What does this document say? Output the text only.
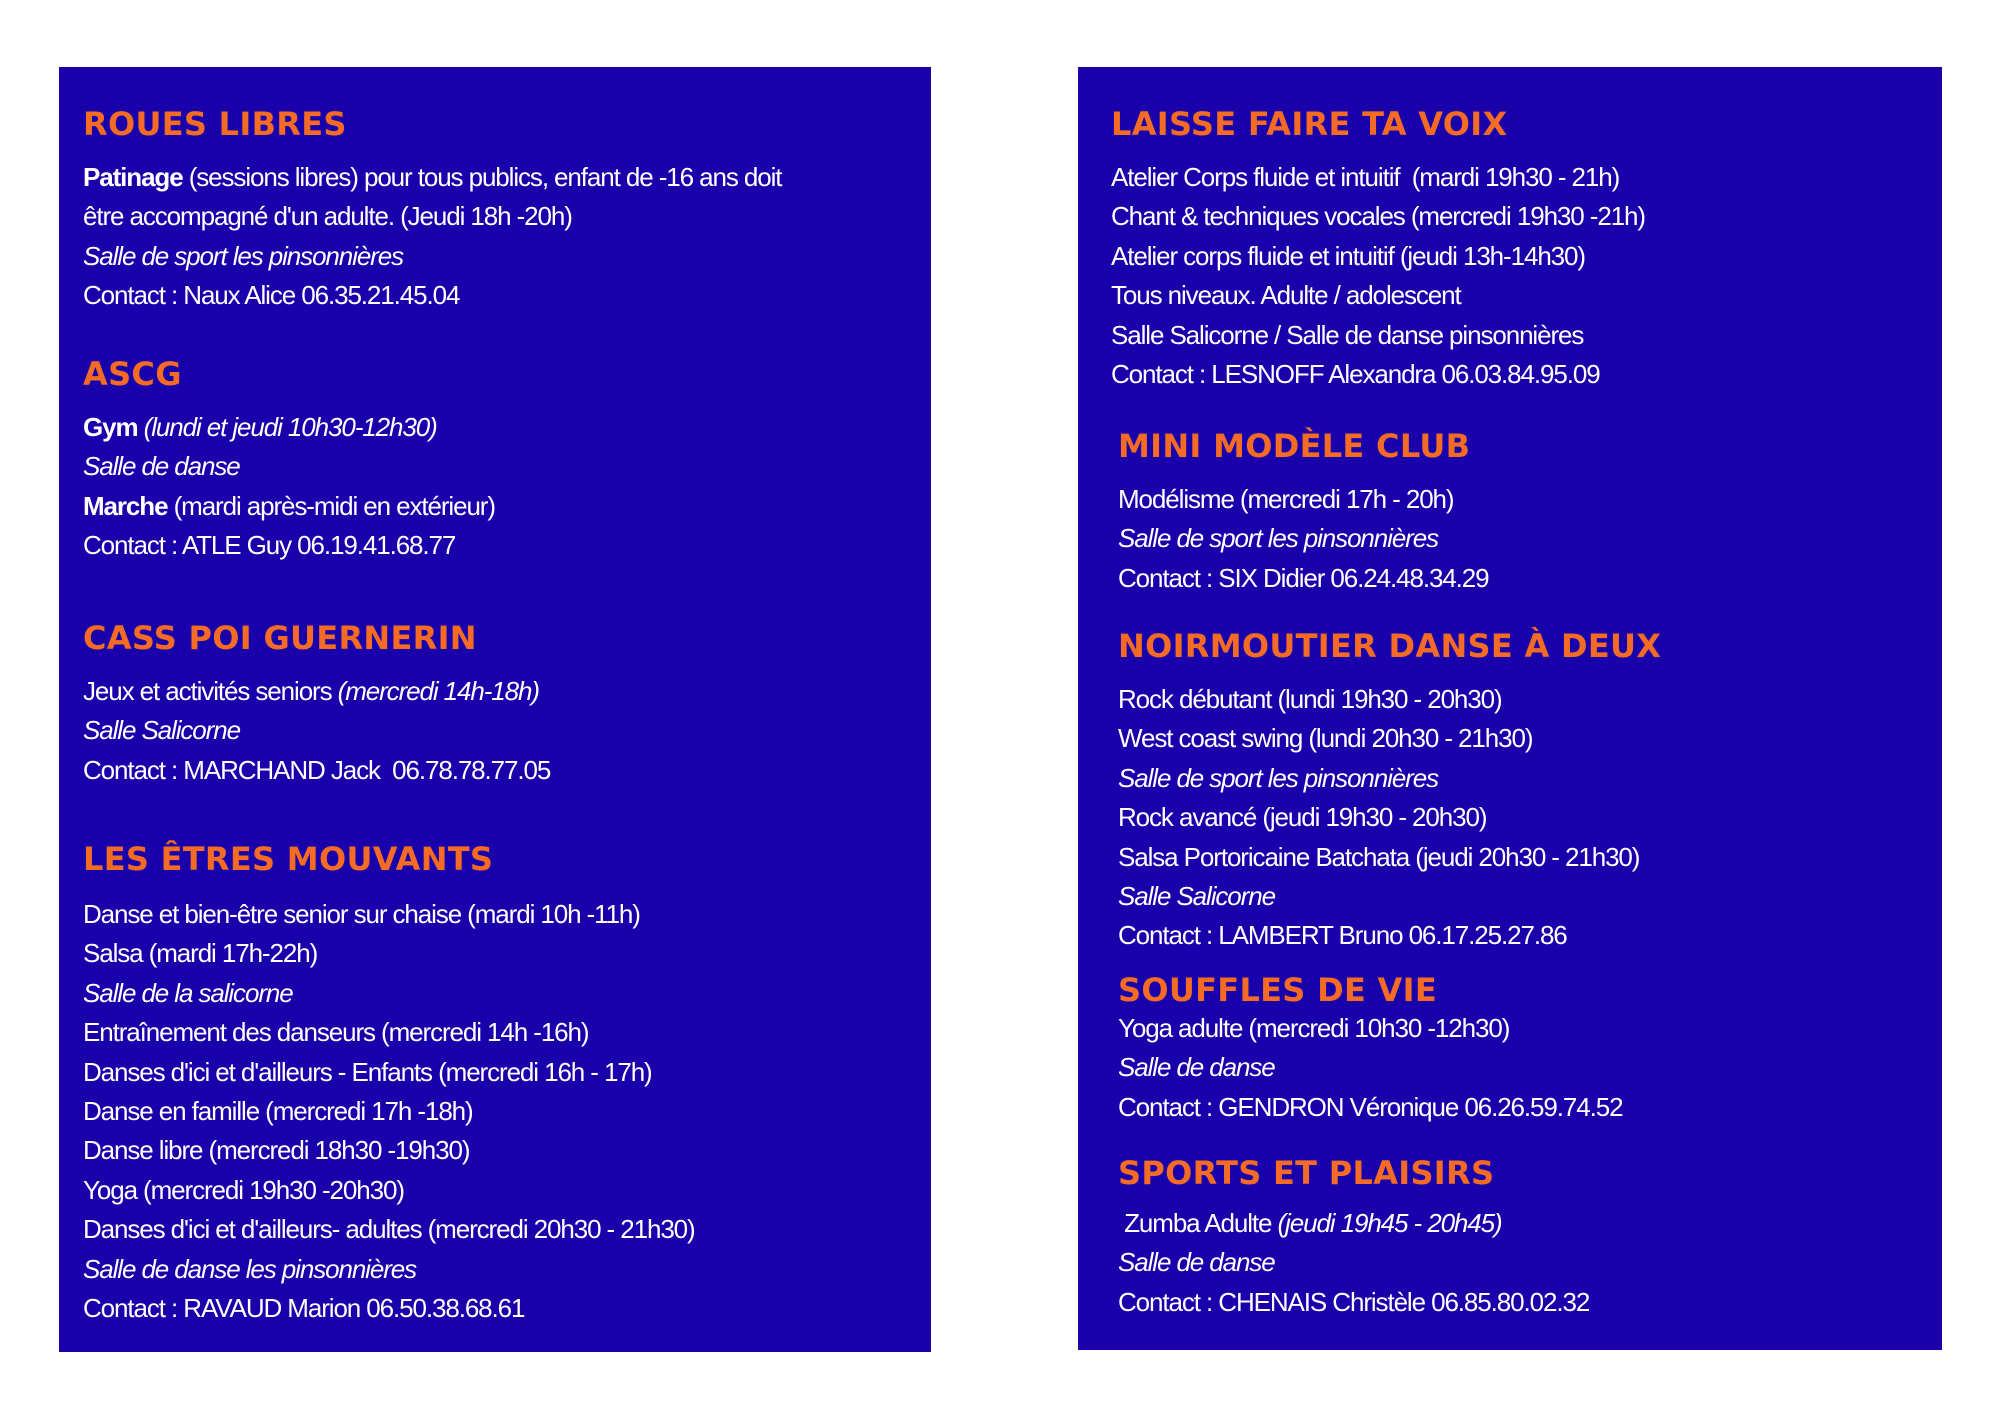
ROUES LIBRES
Patinage (sessions libres) pour tous publics, enfant de -16 ans doit
être accompagné d'un adulte. (Jeudi 18h -20h)
Salle de sport les pinsonnières
Contact : Naux Alice 06.35.21.45.04
ASCG
Gym (lundi et jeudi 10h30-12h30)
Salle de danse
Marche (mardi après-midi en extérieur)
Contact : ATLE Guy 06.19.41.68.77
CASS POI GUERNERIN
Jeux et activités seniors (mercredi 14h-18h)
Salle Salicorne
Contact : MARCHAND Jack  06.78.78.77.05
LES ÊTRES MOUVANTS
Danse et bien-être senior sur chaise (mardi 10h -11h)
Salsa (mardi 17h-22h)
Salle de la salicorne
Entraînement des danseurs (mercredi 14h -16h)
Danses d'ici et d'ailleurs - Enfants (mercredi 16h - 17h)
Danse en famille (mercredi 17h -18h)
Danse libre (mercredi 18h30 -19h30)
Yoga (mercredi 19h30 -20h30)
Danses d'ici et d'ailleurs- adultes (mercredi 20h30 - 21h30)
Salle de danse les pinsonnières
Contact : RAVAUD Marion 06.50.38.68.61
LAISSE FAIRE TA VOIX
Atelier Corps fluide et intuitif  (mardi 19h30 - 21h)
Chant & techniques vocales (mercredi 19h30 -21h)
Atelier corps fluide et intuitif (jeudi 13h-14h30)
Tous niveaux. Adulte / adolescent
Salle Salicorne / Salle de danse pinsonnières
Contact : LESNOFF Alexandra 06.03.84.95.09
MINI MODÈLE CLUB
Modélisme (mercredi 17h - 20h)
Salle de sport les pinsonnières
Contact : SIX Didier 06.24.48.34.29
NOIRMOUTIER DANSE À DEUX
Rock débutant (lundi 19h30 - 20h30)
West coast swing (lundi 20h30 - 21h30)
Salle de sport les pinsonnières
Rock avancé (jeudi 19h30 - 20h30)
Salsa Portoricaine Batchata (jeudi 20h30 - 21h30)
Salle Salicorne
Contact : LAMBERT Bruno 06.17.25.27.86
SOUFFLES DE VIE
Yoga adulte (mercredi 10h30 -12h30)
Salle de danse
Contact : GENDRON Véronique 06.26.59.74.52
SPORTS ET PLAISIRS
Zumba Adulte (jeudi 19h45 - 20h45)
Salle de danse
Contact : CHENAIS Christèle 06.85.80.02.32
